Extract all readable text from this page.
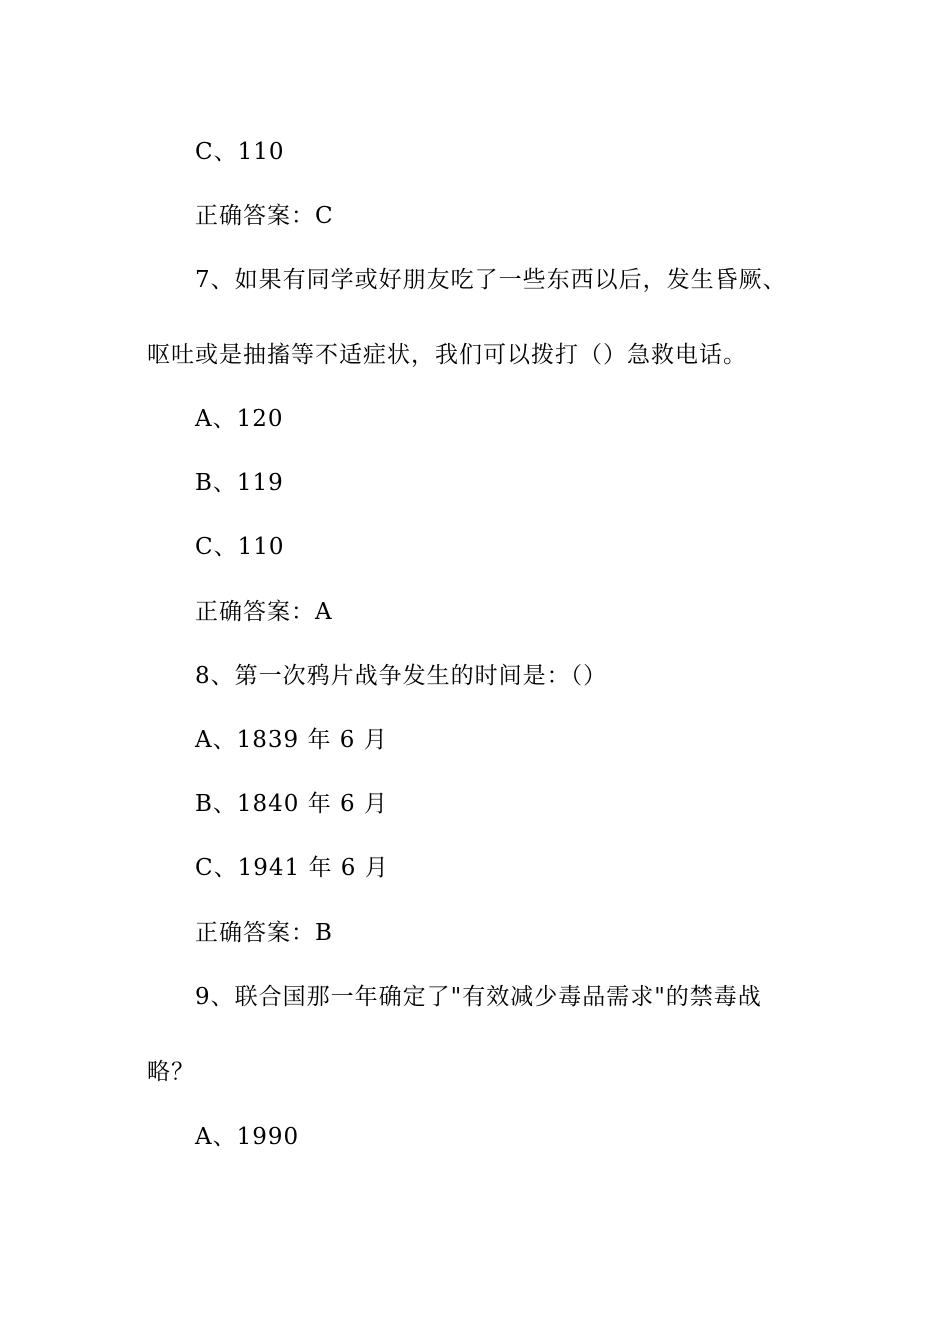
C、110
正确答案：C
7、如果有同学或好朋友吃了一些东西以后，发生昏厥、
呕吐或是抽搐等不适症状，我们可以拨打（）急救电话。
A、120
B、119
C、110
正确答案：A
8、第一次鸦片战争发生的时间是：（）
A、1839 年 6 月
B、1840 年 6 月
C、1941 年 6 月
正确答案：B
9、联合国那一年确定了"有效减少毒品需求"的禁毒战
略？
A、1990
